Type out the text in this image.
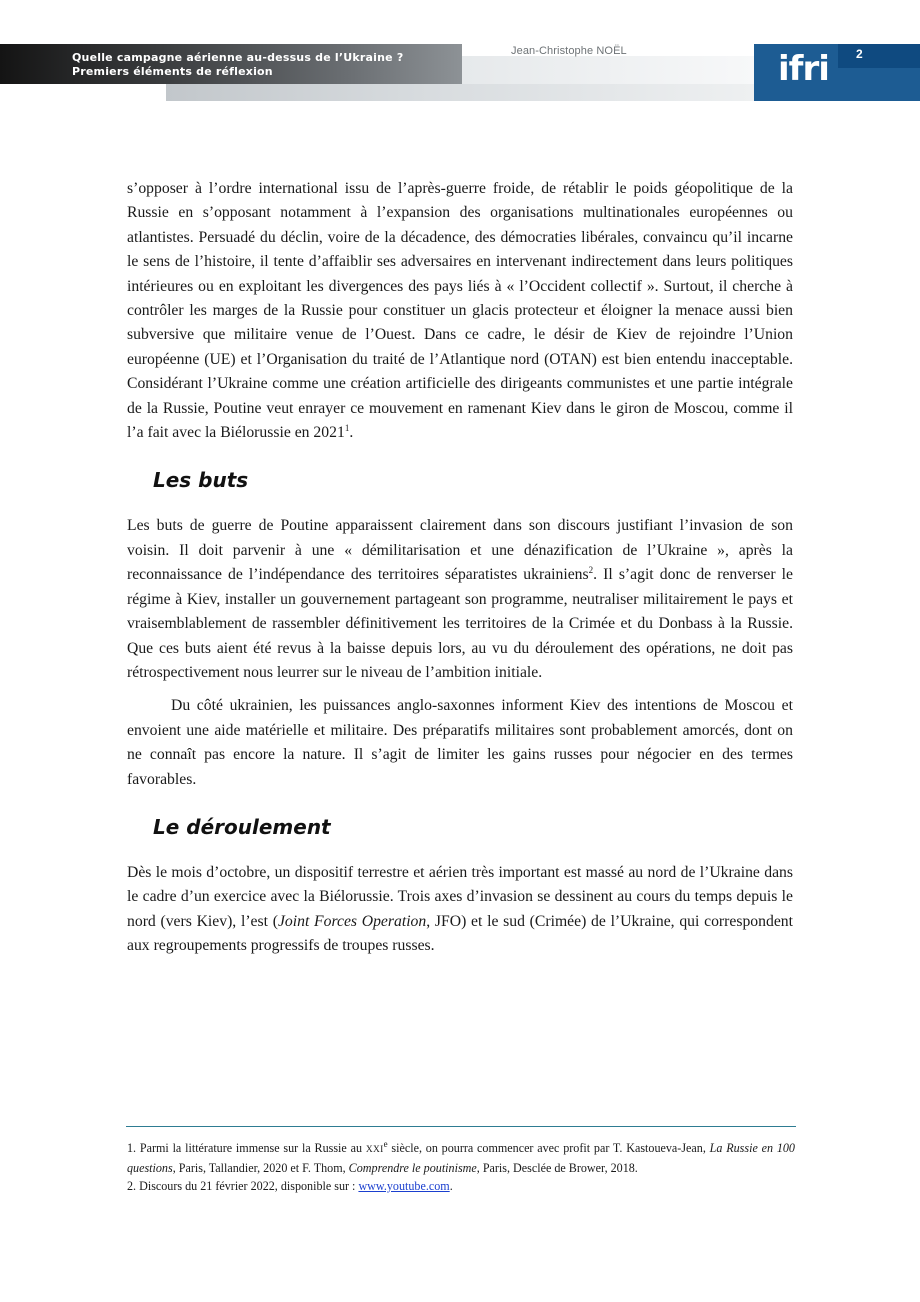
Quelle campagne aérienne au-dessus de l’Ukraine ?
Premiers éléments de réflexion
Jean-Christophe NOËL	2
ifri

s’opposer à l’ordre international issu de l’après-guerre froide, de rétablir le poids géopolitique de la Russie en s’opposant notamment à l’expansion des organisations multinationales européennes ou atlantistes. Persuadé du déclin, voire de la décadence, des démocraties libérales, convaincu qu’il incarne le sens de l’histoire, il tente d’affaiblir ses adversaires en intervenant indirectement dans leurs politiques intérieures ou en exploitant les divergences des pays liés à « l’Occident collectif ». Surtout, il cherche à contrôler les marges de la Russie pour constituer un glacis protecteur et éloigner la menace aussi bien subversive que militaire venue de l’Ouest. Dans ce cadre, le désir de Kiev de rejoindre l’Union européenne (UE) et l’Organisation du traité de l’Atlantique nord (OTAN) est bien entendu inacceptable. Considérant l’Ukraine comme une création artificielle des dirigeants communistes et une partie intégrale de la Russie, Poutine veut enrayer ce mouvement en ramenant Kiev dans le giron de Moscou, comme il l’a fait avec la Biélorussie en 2021$^1$.

Les buts

Les buts de guerre de Poutine apparaissent clairement dans son discours justifiant l’invasion de son voisin. Il doit parvenir à une « démilitarisation et une dénazification de l’Ukraine », après la reconnaissance de l’indépendance des territoires séparatistes ukrainiens$^2$. Il s’agit donc de renverser le régime à Kiev, installer un gouvernement partageant son programme, neutraliser militairement le pays et vraisemblablement de rassembler définitivement les territoires de la Crimée et du Donbass à la Russie. Que ces buts aient été revus à la baisse depuis lors, au vu du déroulement des opérations, ne doit pas rétrospectivement nous leurrer sur le niveau de l’ambition initiale.

Du côté ukrainien, les puissances anglo-saxonnes informent Kiev des intentions de Moscou et envoient une aide matérielle et militaire. Des préparatifs militaires sont probablement amorcés, dont on ne connaît pas encore la nature. Il s’agit de limiter les gains russes pour négocier en des termes favorables.

Le déroulement

Dès le mois d’octobre, un dispositif terrestre et aérien très important est massé au nord de l’Ukraine dans le cadre d’un exercice avec la Biélorussie. Trois axes d’invasion se dessinent au cours du temps depuis le nord (vers Kiev), l’est (Joint Forces Operation, JFO) et le sud (Crimée) de l’Ukraine, qui correspondent aux regroupements progressifs de troupes russes.

1. Parmi la littérature immense sur la Russie au XXIe siècle, on pourra commencer avec profit par T. Kastoueva-Jean, La Russie en 100 questions, Paris, Tallandier, 2020 et F. Thom, Comprendre le poutinisme, Paris, Desclée de Brower, 2018.

2. Discours du 21 février 2022, disponible sur : www.youtube.com.
